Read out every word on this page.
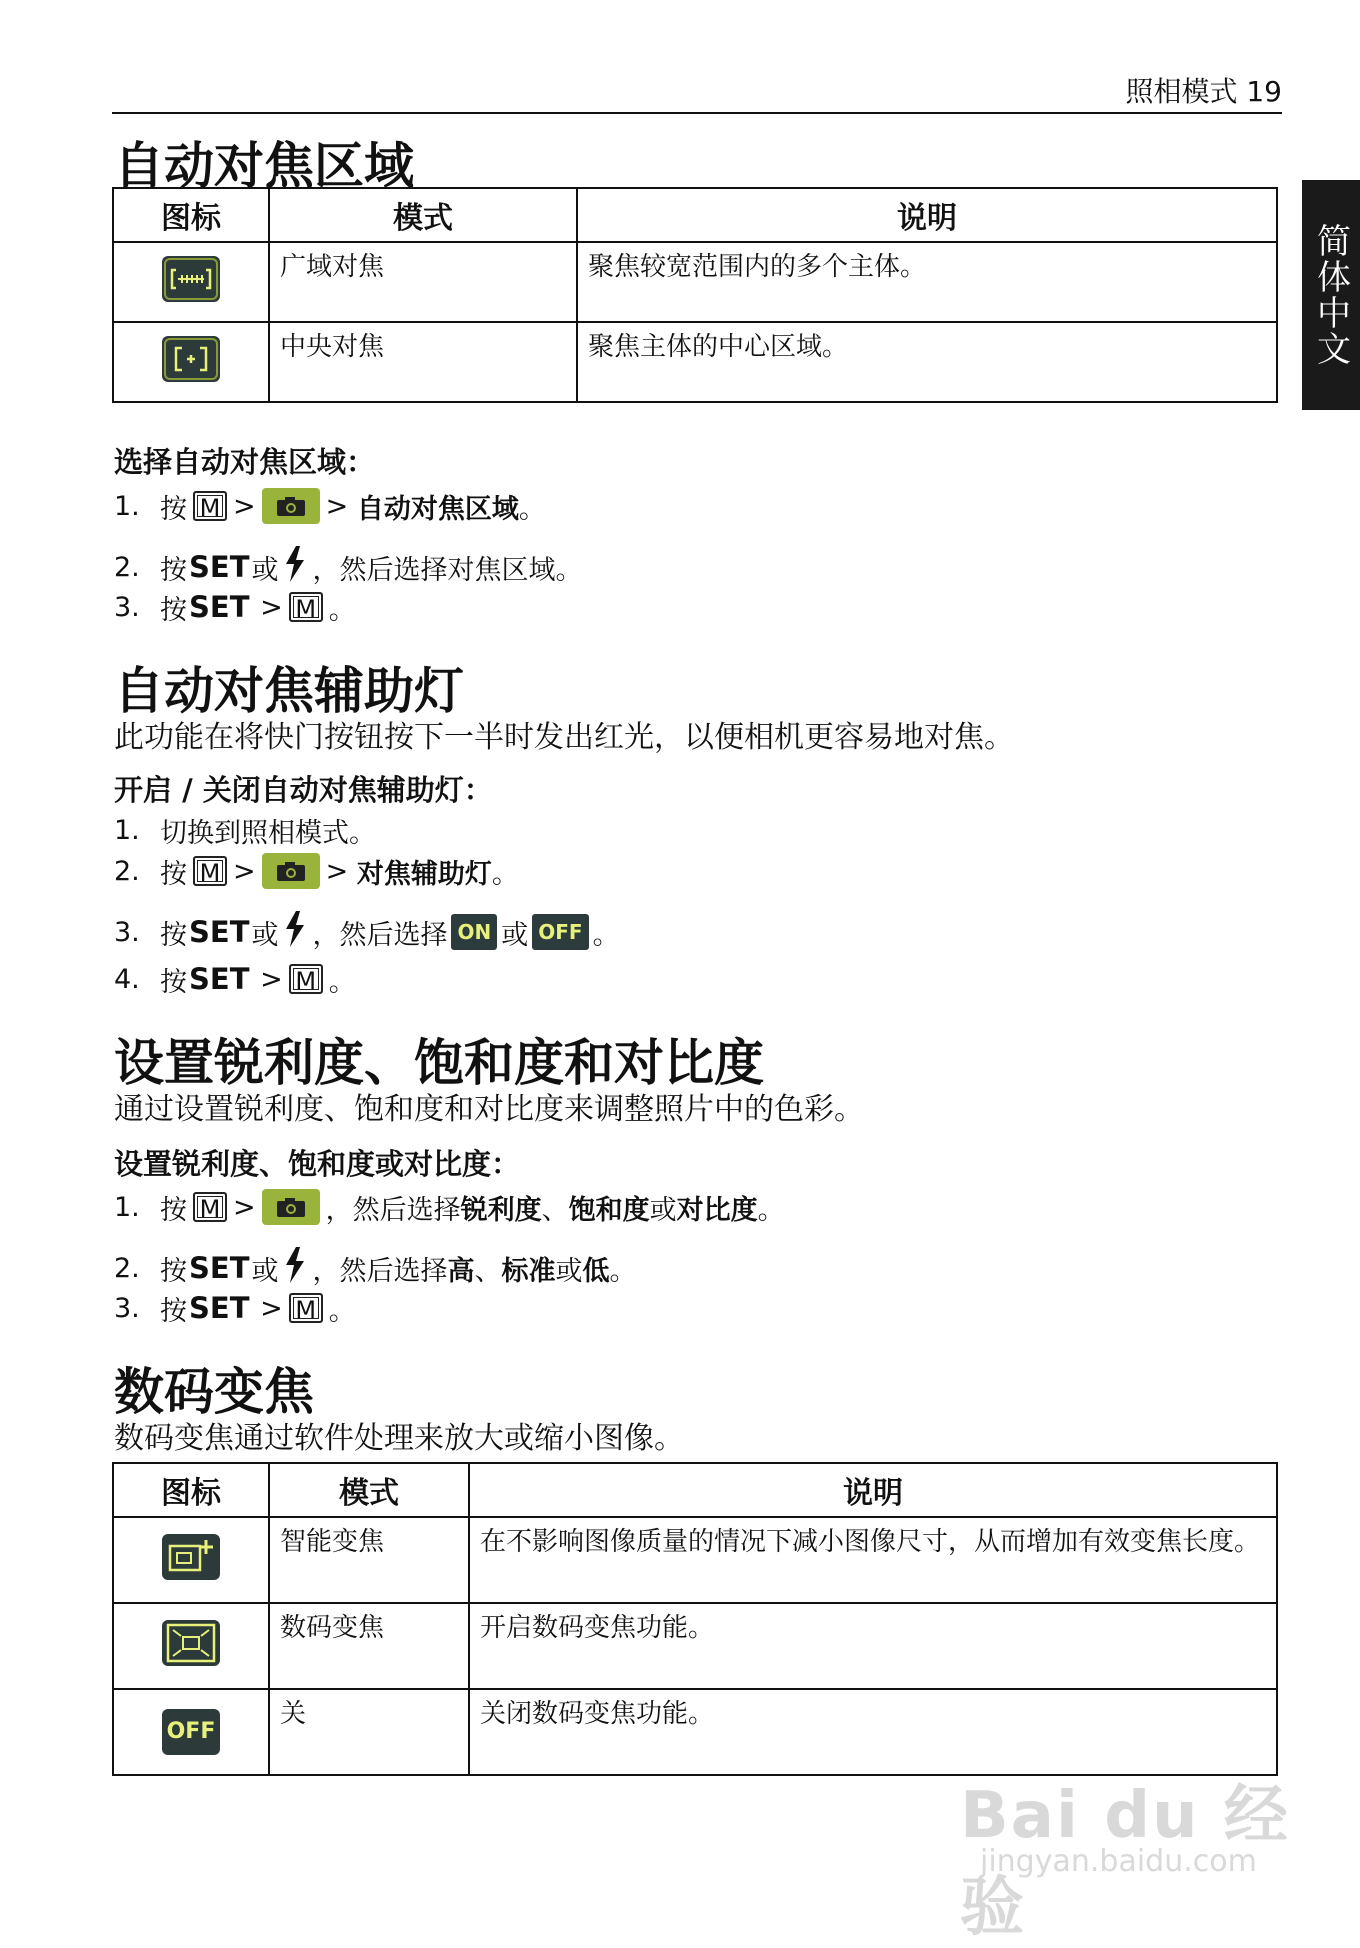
照相模式 19
简体中文
自动对焦区域
图标	模式	说明

	广域对焦	聚焦较宽范围内的多个主体。

	中央对焦	聚焦主体的中心区域。
选择自动对焦区域：
1. 按 M >	>
自动对焦区域 。
2. 按 SET 或 ，然后选择对焦区域。
3. 按 SET
> M 。
自动对焦辅助灯

此功能在将快门按钮按下一半时发出红光，以便相机更容易地对焦。

开启 / 关闭自动对焦辅助灯：
1. 切换到照相模式。
2. 按 M >	>
对焦辅助灯 。
3. 按 SET 或 ，然后选择 ON 或 OFF 。
4. 按 SET
> M 。
设置锐利度、饱和度和对比度

通过设置锐利度、饱和度和对比度来调整照片中的色彩。

设置锐利度、饱和度或对比度：
1. 按 M >	，然后选择 锐利度 、 饱和度 或 对比度 。
2. 按 SET 或 ，然后选择 高 、 标准 或 低 。
3. 按 SET
> M 。
数码变焦

数码变焦通过软件处理来放大或缩小图像。

图标	模式	说明

	智能变焦	在不影响图像质量的情况下减小图像尺寸，从而增加有效变焦长度。

	数码变焦	开启数码变焦功能。
OFF	关	关闭数码变焦功能。
Bai du 经验
jingyan.baidu.com
